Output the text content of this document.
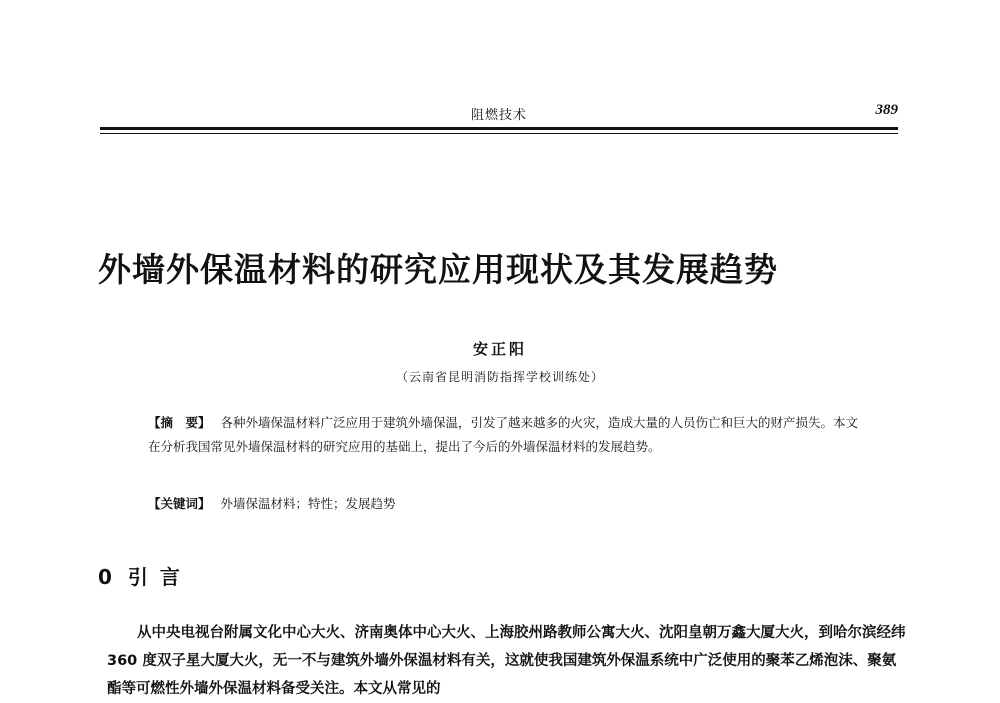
阻燃技术	389
外墙外保温材料的研究应用现状及其发展趋势
安正阳
（云南省昆明消防指挥学校训练处）

【摘　要】 各种外墙保温材料广泛应用于建筑外墙保温，引发了越来越多的火灾，造成大量的人员伤亡和巨大的财产损失。本文在分析我国常见外墙保温材料的研究应用的基础上，提出了今后的外墙保温材料的发展趋势。

【关键词】 外墙保温材料；特性；发展趋势
0 引言

从中央电视台附属文化中心大火、济南奥体中心大火、上海胶州路教师公寓大火、沈阳皇朝万鑫大厦大火，到哈尔滨经纬 360 度双子星大厦大火，无一不与建筑外墙外保温材料有关，这就使我国建筑外保温系统中广泛使用的聚苯乙烯泡沫、聚氨酯等可燃性外墙外保温材料备受关注。本文从常见的
